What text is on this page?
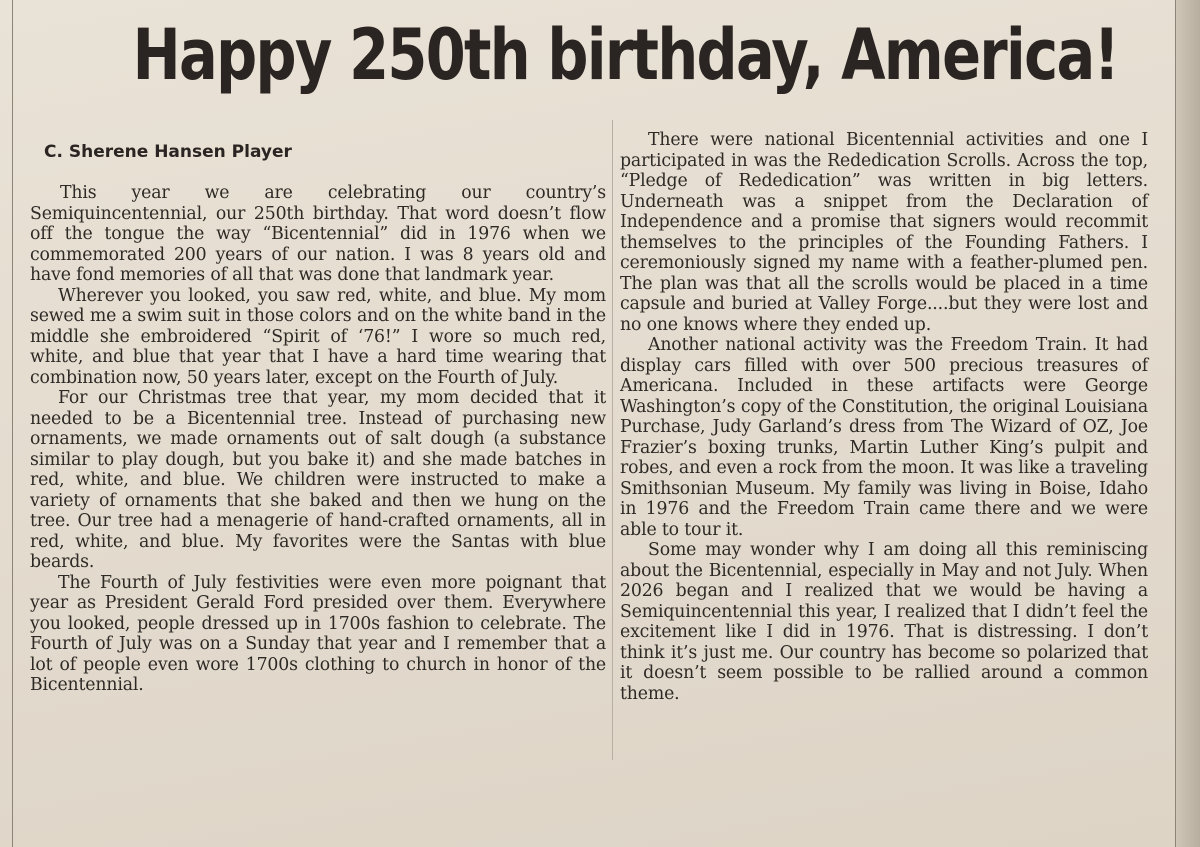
Happy 250th birthday, America!
C. Sherene Hansen Player

This year we are celebrating our country’s Semiquincentennial, our 250th birthday. That word doesn’t flow off the tongue the way “Bicentennial” did in 1976 when we commemorated 200 years of our nation. I was 8 years old and have fond memories of all that was done that landmark year.

Wherever you looked, you saw red, white, and blue. My mom sewed me a swim suit in those colors and on the white band in the middle she embroidered “Spirit of ‘76!” I wore so much red, white, and blue that year that I have a hard time wearing that combination now, 50 years later, except on the Fourth of July.

For our Christmas tree that year, my mom decided that it needed to be a Bicentennial tree. Instead of purchasing new ornaments, we made ornaments out of salt dough (a substance similar to play dough, but you bake it) and she made batches in red, white, and blue. We children were instructed to make a variety of ornaments that she baked and then we hung on the tree. Our tree had a menagerie of hand-crafted ornaments, all in red, white, and blue. My favorites were the Santas with blue beards.

The Fourth of July festivities were even more poignant that year as President Gerald Ford presided over them. Everywhere you looked, people dressed up in 1700s fashion to celebrate. The Fourth of July was on a Sunday that year and I remember that a lot of people even wore 1700s clothing to church in honor of the Bicentennial.

There were national Bicentennial activities and one I participated in was the Rededication Scrolls. Across the top, “Pledge of Rededication” was written in big letters. Underneath was a snippet from the Declaration of Independence and a promise that signers would recommit themselves to the principles of the Founding Fathers. I ceremoniously signed my name with a feather-plumed pen. The plan was that all the scrolls would be placed in a time capsule and buried at Valley Forge....but they were lost and no one knows where they ended up.

Another national activity was the Freedom Train. It had display cars filled with over 500 precious treasures of Americana. Included in these artifacts were George Washington’s copy of the Constitution, the original Louisiana Purchase, Judy Garland’s dress from The Wizard of OZ, Joe Frazier’s boxing trunks, Martin Luther King’s pulpit and robes, and even a rock from the moon. It was like a traveling Smithsonian Museum. My family was living in Boise, Idaho in 1976 and the Freedom Train came there and we were able to tour it.

Some may wonder why I am doing all this reminiscing about the Bicentennial, especially in May and not July. When 2026 began and I realized that we would be having a Semiquincentennial this year, I realized that I didn’t feel the excitement like I did in 1976. That is distressing. I don’t think it’s just me. Our country has become so polarized that it doesn’t seem possible to be rallied around a common theme.
